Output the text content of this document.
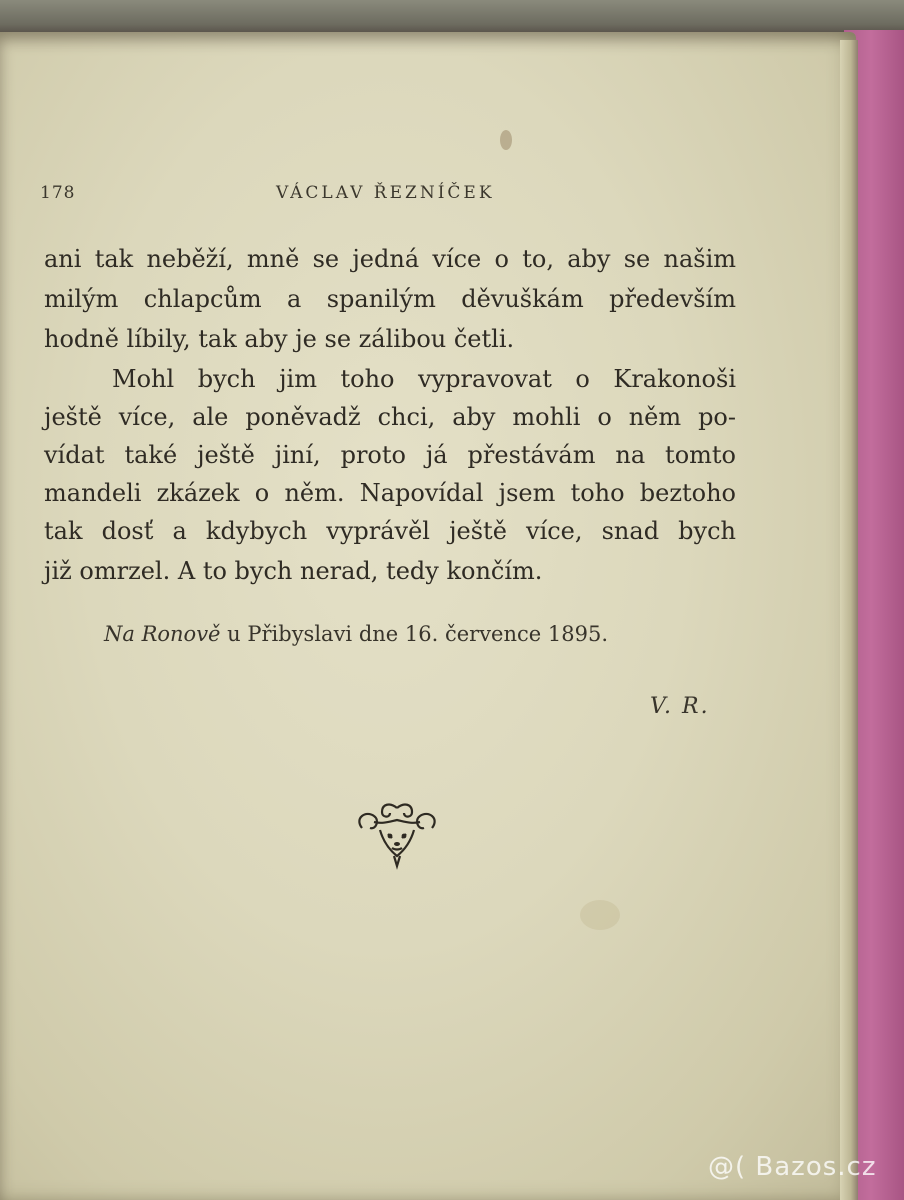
178	VÁCLAV ŘEZNÍČEK
ani tak neběží, mně se jedná více o to, aby se našim
milým chlapcům a spanilým děvuškám především
hodně líbily, tak aby je se zálibou četli.
Mohl bych jim toho vypravovat o Krakonoši
ještě více, ale poněvadž chci, aby mohli o něm po-
vídat také ještě jiní, proto já přestávám na tomto
mandeli zkázek o něm. Napovídal jsem toho beztoho
tak dosť a kdybych vyprávěl ještě více, snad bych
již omrzel. A to bych nerad, tedy končím.
Na Ronově u Přibyslavi dne 16. července 1895.
V. R.
@( Bazos.cz
